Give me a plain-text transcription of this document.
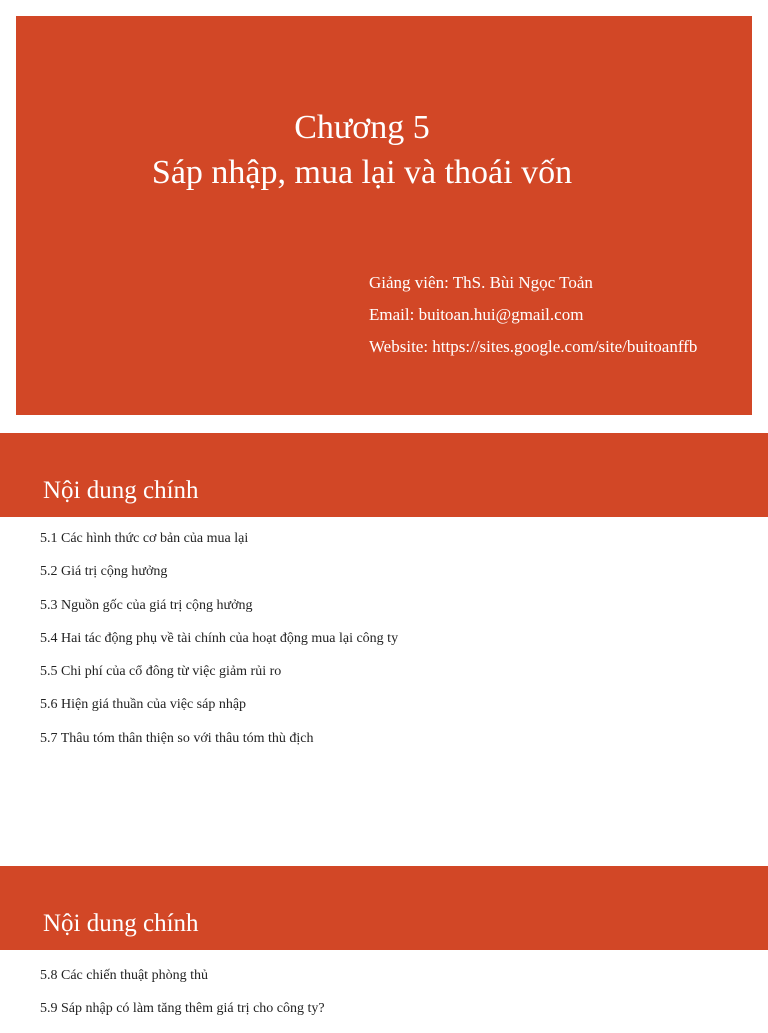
Chương 5
Sáp nhập, mua lại và thoái vốn
Giảng viên: ThS. Bùi Ngọc Toản
Email: buitoan.hui@gmail.com
Website: https://sites.google.com/site/buitoanffb
Nội dung chính
5.1 Các hình thức cơ bản của mua lại
5.2 Giá trị cộng hưởng
5.3 Nguồn gốc của giá trị cộng hưởng
5.4 Hai tác động phụ về tài chính của hoạt động mua lại công ty
5.5 Chi phí của cổ đông từ việc giảm rủi ro
5.6 Hiện giá thuần của việc sáp nhập
5.7 Thâu tóm thân thiện so với thâu tóm thù địch
Nội dung chính
5.8 Các chiến thuật phòng thủ
5.9 Sáp nhập có làm tăng thêm giá trị cho công ty?
